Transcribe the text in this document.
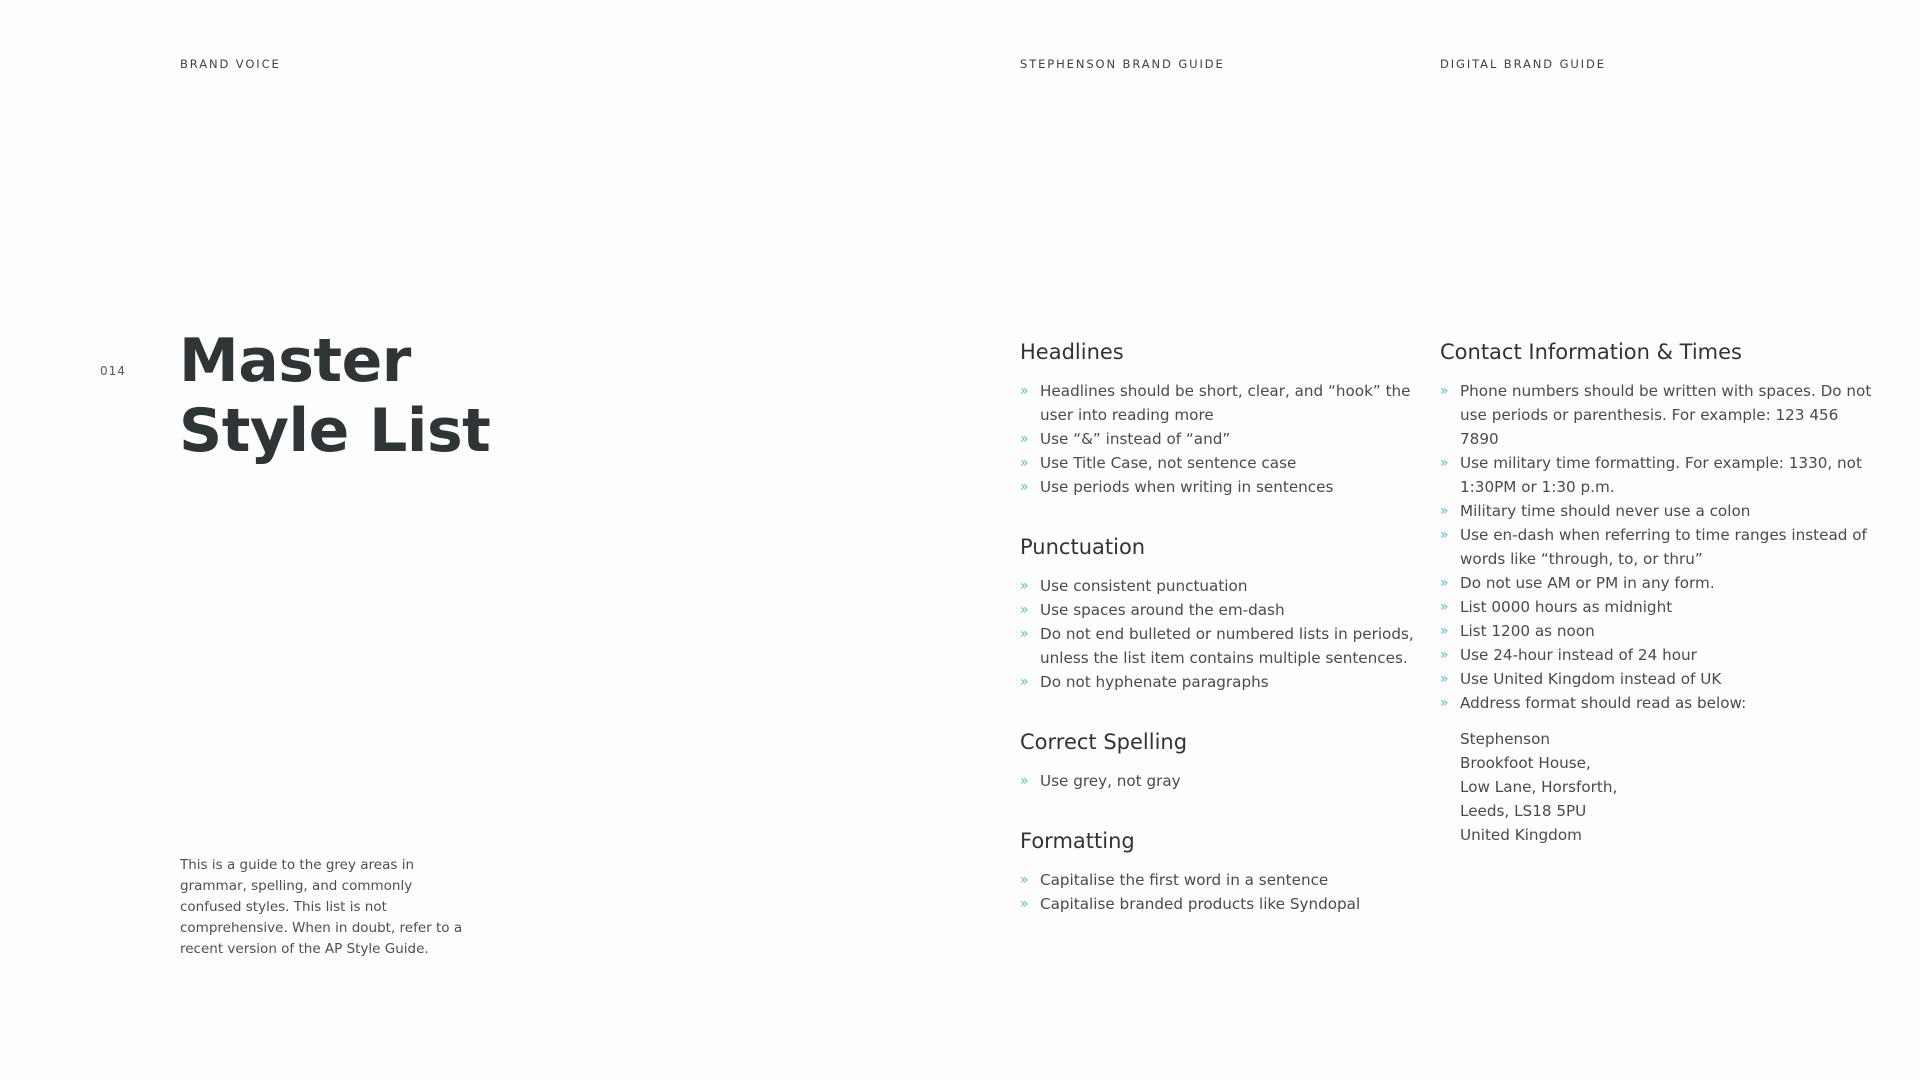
BRAND VOICE	STEPHENSON BRAND GUIDE	DIGITAL BRAND GUIDE
014 Master
Style List

This is a guide to the grey areas in grammar, spelling, and commonly confused styles. This list is not comprehensive. When in doubt, refer to a recent version of the AP Style Guide.

Headlines
» Headlines should be short, clear, and “hook” the user into reading more
» Use “&” instead of “and”
» Use Title Case, not sentence case
» Use periods when writing in sentences
Punctuation
» Use consistent punctuation
» Use spaces around the em-dash
» Do not end bulleted or numbered lists in periods, unless the list item contains multiple sentences.
» Do not hyphenate paragraphs
Correct Spelling
» Use grey, not gray
Formatting
» Capitalise the first word in a sentence
» Capitalise branded products like Syndopal
Contact Information & Times
» Phone numbers should be written with spaces. Do not use periods or parenthesis. For example: 123 456 7890
» Use military time formatting. For example: 1330, not 1:30PM or 1:30 p.m.
» Military time should never use a colon
» Use en-dash when referring to time ranges instead of words like “through, to, or thru”
» Do not use AM or PM in any form.
» List 0000 hours as midnight
» List 1200 as noon
» Use 24-hour instead of 24 hour
» Use United Kingdom instead of UK
» Address format should read as below:
Stephenson
Brookfoot House,
Low Lane, Horsforth,
Leeds, LS18 5PU
United Kingdom
